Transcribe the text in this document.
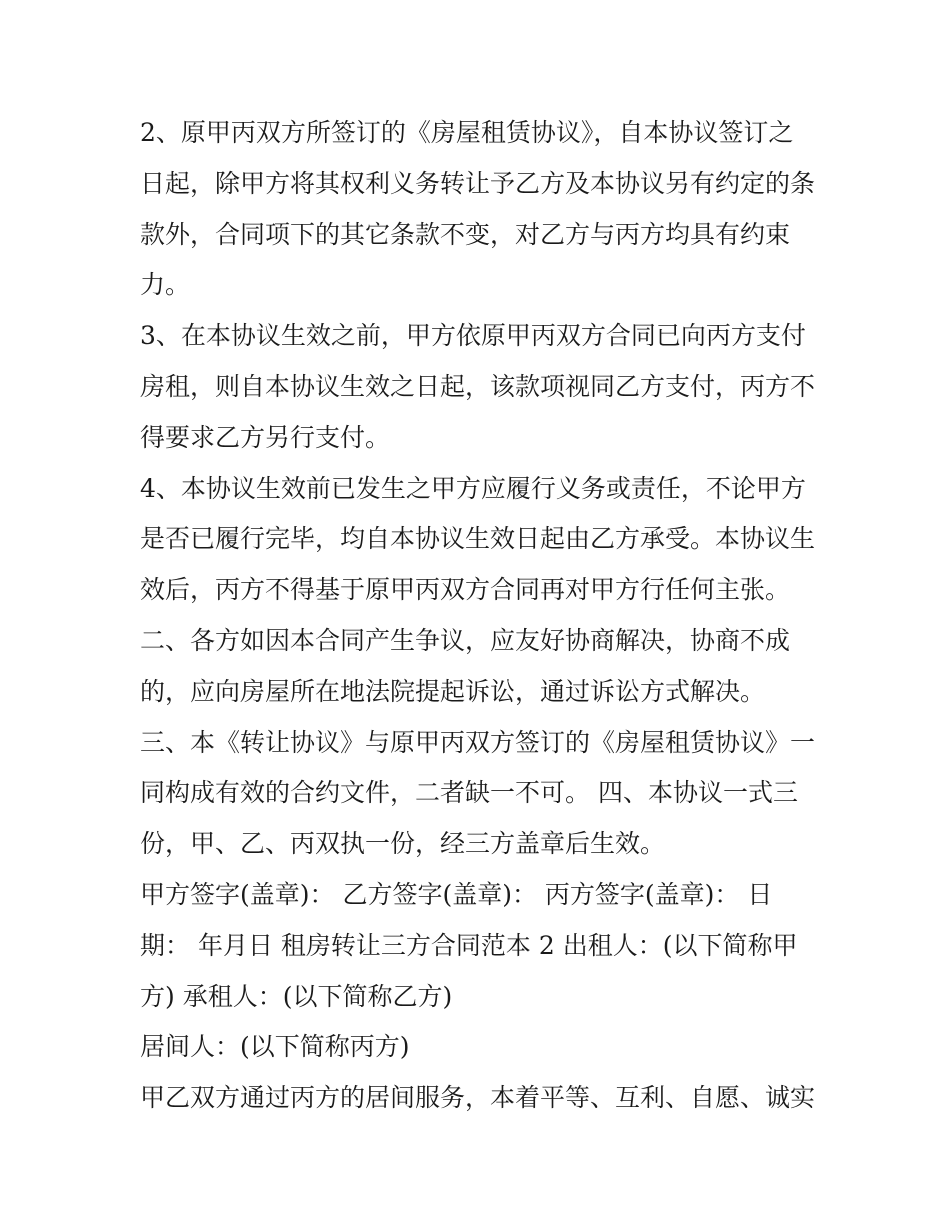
2、原甲丙双方所签订的《房屋租赁协议》，自本协议签订之
日起，除甲方将其权利义务转让予乙方及本协议另有约定的条
款外，合同项下的其它条款不变，对乙方与丙方均具有约束
力。
3、在本协议生效之前，甲方依原甲丙双方合同已向丙方支付
房租，则自本协议生效之日起，该款项视同乙方支付，丙方不
得要求乙方另行支付。
4、本协议生效前已发生之甲方应履行义务或责任，不论甲方
是否已履行完毕，均自本协议生效日起由乙方承受。本协议生
效后，丙方不得基于原甲丙双方合同再对甲方行任何主张。
二、各方如因本合同产生争议，应友好协商解决，协商不成
的，应向房屋所在地法院提起诉讼，通过诉讼方式解决。
三、本《转让协议》与原甲丙双方签订的《房屋租赁协议》一
同构成有效的合约文件，二者缺一不可。 四、本协议一式三
份，甲、乙、丙双执一份，经三方盖章后生效。
甲方签字(盖章)： 乙方签字(盖章)： 丙方签字(盖章)： 日
期： 年月日 租房转让三方合同范本 2 出租人：(以下简称甲
方) 承租人：(以下简称乙方)
居间人：(以下简称丙方)
甲乙双方通过丙方的居间服务，本着平等、互利、自愿、诚实
